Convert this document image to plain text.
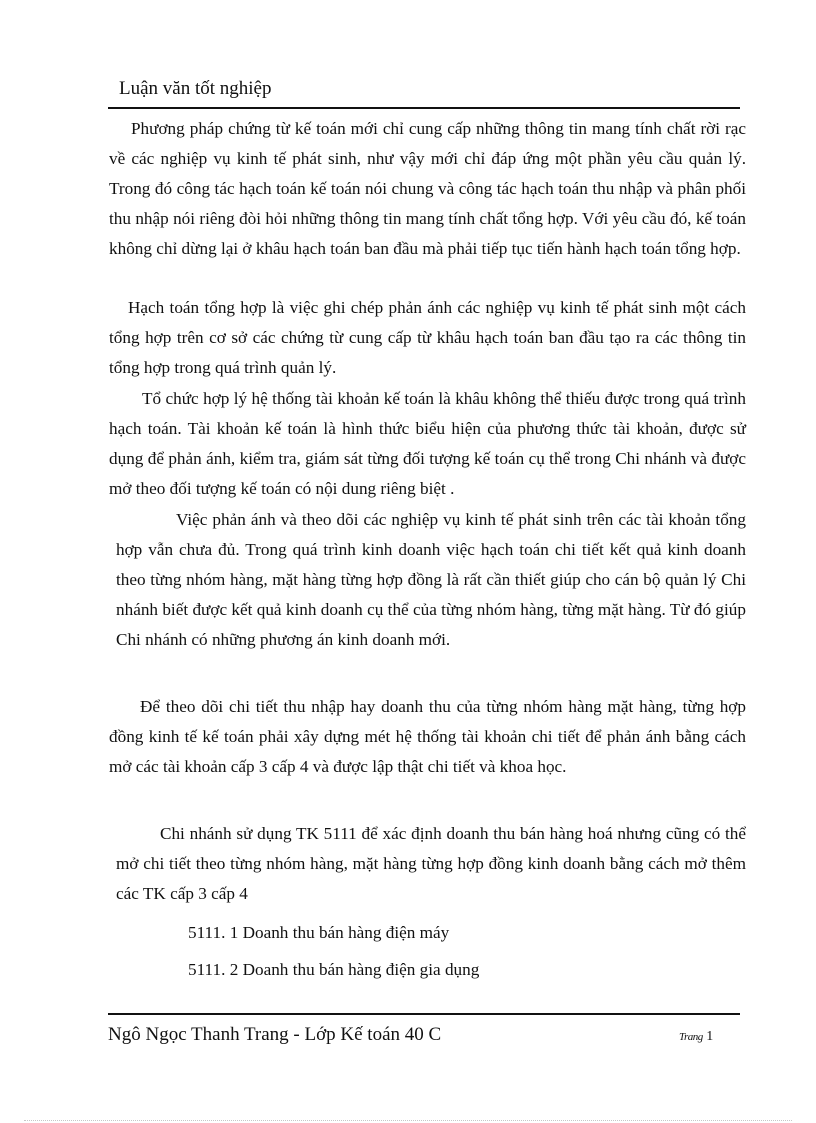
Luận văn tốt nghiệp

Phương pháp chứng từ kế toán mới chỉ cung cấp những thông tin mang tính chất rời rạc về các nghiệp vụ kinh tế phát sinh, như vậy mới chỉ đáp ứng một phần yêu cầu quản lý. Trong đó công tác hạch toán kế toán nói chung và công tác hạch toán thu nhập và phân phối thu nhập nói riêng đòi hỏi những thông tin mang tính chất tổng hợp. Với yêu cầu đó, kế toán không chỉ dừng lại ở khâu hạch toán ban đầu mà phải tiếp tục tiến hành hạch toán tổng hợp.

Hạch toán tổng hợp là việc ghi chép phản ánh các nghiệp vụ kinh tế phát sinh một cách tổng hợp trên cơ sở các chứng từ cung cấp từ khâu hạch toán ban đầu tạo ra các thông tin tổng hợp trong quá trình quản lý.

Tổ chức hợp lý hệ thống tài khoản kế toán là khâu không thể thiếu được trong quá trình hạch toán. Tài khoản kế toán là hình thức biểu hiện của phương thức tài khoản, được sử dụng để phản ánh, kiểm tra, giám sát từng đối tượng kế toán cụ thể trong Chi nhánh và được mở theo đối tượng kế toán có nội dung riêng biệt .

Việc phản ánh và theo dõi các nghiệp vụ kinh tế phát sinh trên các tài khoản tổng hợp vẫn chưa đủ. Trong quá trình kinh doanh việc hạch toán chi tiết kết quả kinh doanh theo từng nhóm hàng, mặt hàng từng hợp đồng là rất cần thiết giúp cho cán bộ quản lý Chi nhánh biết được kết quả kinh doanh cụ thể của từng nhóm hàng, từng mặt hàng. Từ đó giúp Chi nhánh có những phương án kinh doanh mới.

Để theo dõi chi tiết thu nhập hay doanh thu của từng nhóm hàng mặt hàng, từng hợp đồng kinh tế kế toán phải xây dựng mét hệ thống tài khoản chi tiết để phản ánh bằng cách mở các tài khoản cấp 3 cấp 4 và được lập thật chi tiết và khoa học.

Chi nhánh sử dụng TK 5111 để xác định doanh thu bán hàng hoá nhưng cũng có thể mở chi tiết theo từng nhóm hàng, mặt hàng từng hợp đồng kinh doanh bằng cách mở thêm các TK cấp 3 cấp 4

5111. 1 Doanh thu bán hàng điện máy
5111. 2 Doanh thu bán hàng điện gia dụng
Ngô Ngọc Thanh Trang - Lớp Kế toán 40 C	Trang 1
